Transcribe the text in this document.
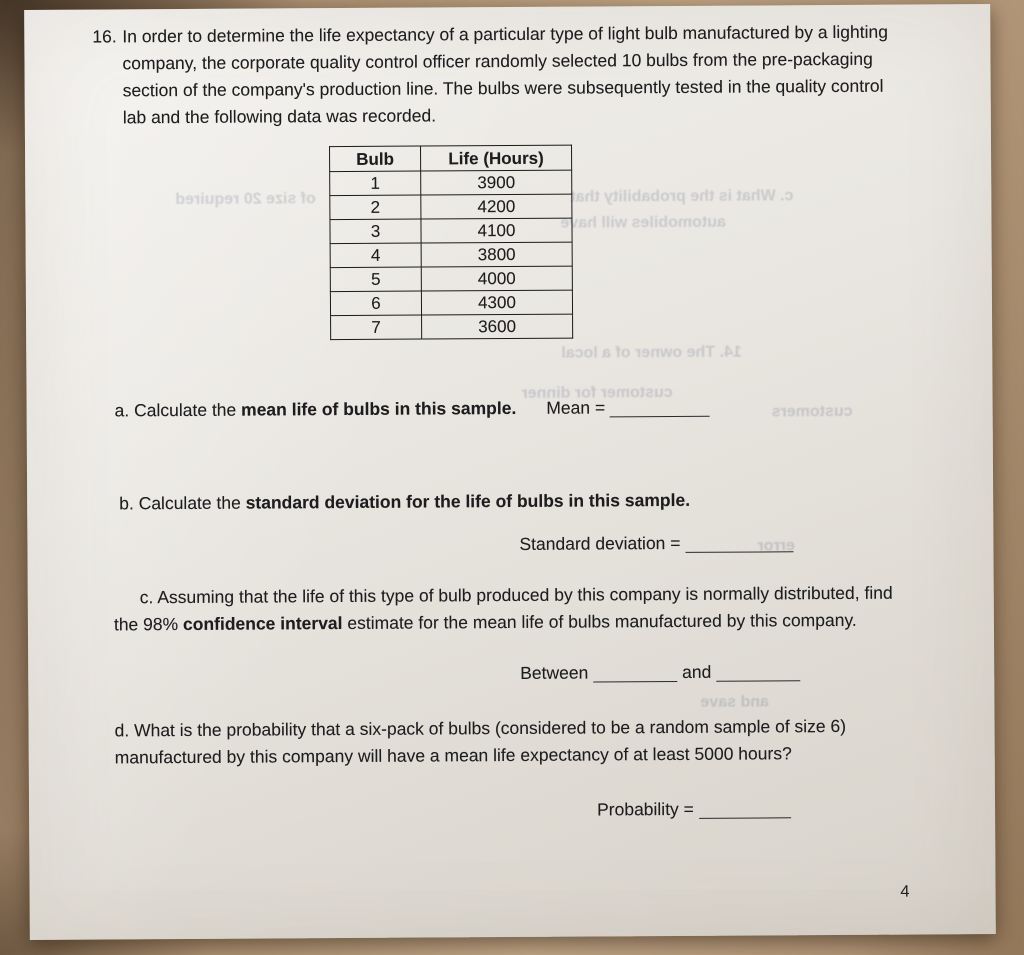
of size 20 required	c. What is the probability that
automobiles will have
14. The owner of a local
customer for dinner
customers
error
and save
16. In order to determine the life expectancy of a particular type of light bulb manufactured by a lighting company, the corporate quality control officer randomly selected 10 bulbs from the pre-packaging section of the company's production line. The bulbs were subsequently tested in the quality control lab and the following data was recorded.
Bulb	Life (Hours)
1	3900
2	4200
3	4100
4	3800
5	4000
6	4300
7	3600

a. Calculate the mean life of bulbs in this sample. Mean =

b. Calculate the standard deviation for the life of bulbs in this sample.

Standard deviation =

c. Assuming that the life of this type of bulb produced by this company is normally distributed, find the 98% confidence interval estimate for the mean life of bulbs manufactured by this company.

Between	and

d. What is the probability that a six-pack of bulbs (considered to be a random sample of size 6) manufactured by this company will have a mean life expectancy of at least 5000 hours?

Probability =

4
